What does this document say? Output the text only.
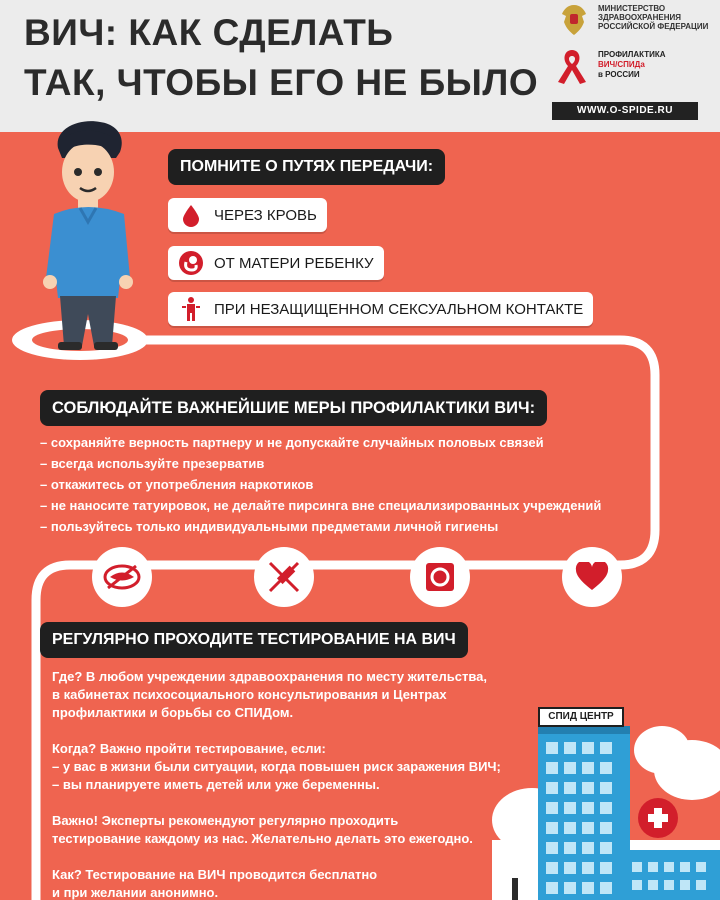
ВИЧ: КАК СДЕЛАТЬ
ТАК, ЧТОБЫ ЕГО НЕ БЫЛО
МИНИСТЕРСТВО
ЗДРАВООХРАНЕНИЯ
РОССИЙСКОЙ ФЕДЕРАЦИИ
ПРОФИЛАКТИКА
ВИЧ/СПИДа
в РОССИИ
WWW.O-SPIDE.RU
ПОМНИТЕ О ПУТЯХ ПЕРЕДАЧИ:
ЧЕРЕЗ КРОВЬ
ОТ МАТЕРИ РЕБЕНКУ
ПРИ НЕЗАЩИЩЕННОМ СЕКСУАЛЬНОМ КОНТАКТЕ
СОБЛЮДАЙТЕ ВАЖНЕЙШИЕ МЕРЫ ПРОФИЛАКТИКИ ВИЧ:
– сохраняйте верность партнеру и не допускайте случайных половых связей
– всегда используйте презерватив
– откажитесь от употребления наркотиков
– не наносите татуировок, не делайте пирсинга вне специализированных учреждений
– пользуйтесь только индивидуальными предметами личной гигиены
РЕГУЛЯРНО ПРОХОДИТЕ ТЕСТИРОВАНИЕ НА ВИЧ

Где? В любом учреждении здравоохранения по месту жительства,
в кабинетах психосоциального консультирования и Центрах
профилактики и борьбы со СПИДом.

Когда? Важно пройти тестирование, если:
– у вас в жизни были ситуации, когда повышен риск заражения ВИЧ;
– вы планируете иметь детей или уже беременны.

Важно! Эксперты рекомендуют регулярно проходить
тестирование каждому из нас. Желательно делать это ежегодно.

Как? Тестирование на ВИЧ проводится бесплатно
и при желании анонимно.

СПИД ЦЕНТР
